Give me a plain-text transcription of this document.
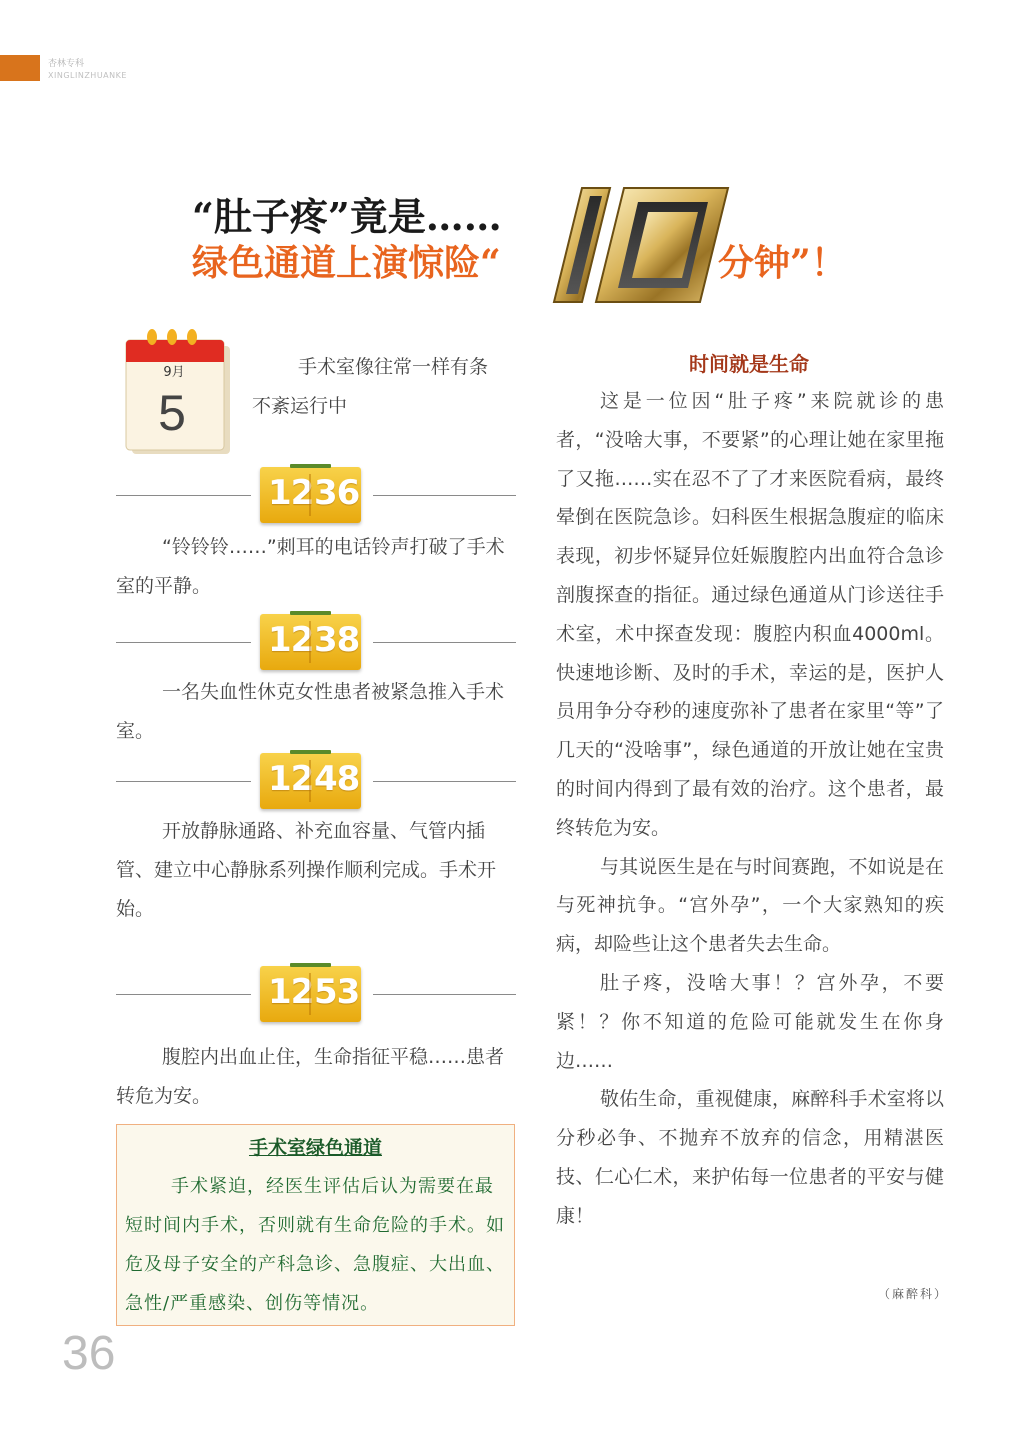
杏林专科
XINGLINZHUANKE
“肚子疼”竟是……
绿色通道上演惊险“	分钟”！
9月
5
手术室像往常一样有条
不紊运行中
12 36
“铃铃铃……”刺耳的电话铃声打破了手术室的平静。
12 38
一名失血性休克女性患者被紧急推入手术室。
12 48
开放静脉通路、补充血容量、气管内插管、建立中心静脉系列操作顺利完成。手术开始。
12 53
腹腔内出血止住，生命指征平稳……患者转危为安。
手术室绿色通道
手术紧迫，经医生评估后认为需要在最短时间内手术，否则就有生命危险的手术。如危及母子安全的产科急诊、急腹症、大出血、急性/严重感染、创伤等情况。
36
时间就是生命

这是一位因“肚子疼”来院就诊的患者，“没啥大事，不要紧”的心理让她在家里拖了又拖……实在忍不了了才来医院看病，最终晕倒在医院急诊。妇科医生根据急腹症的临床表现，初步怀疑异位妊娠腹腔内出血符合急诊剖腹探查的指征。通过绿色通道从门诊送往手术室，术中探查发现：腹腔内积血4000ml。快速地诊断、及时的手术，幸运的是，医护人员用争分夺秒的速度弥补了患者在家里“等”了几天的“没啥事”，绿色通道的开放让她在宝贵的时间内得到了最有效的治疗。这个患者，最终转危为安。

与其说医生是在与时间赛跑，不如说是在与死神抗争。“宫外孕”，一个大家熟知的疾病，却险些让这个患者失去生命。

肚子疼，没啥大事！？宫外孕，不要紧！？你不知道的危险可能就发生在你身边……

敬佑生命，重视健康，麻醉科手术室将以分秒必争、不抛弃不放弃的信念，用精湛医技、仁心仁术，来护佑每一位患者的平安与健康！

（麻醉科）
